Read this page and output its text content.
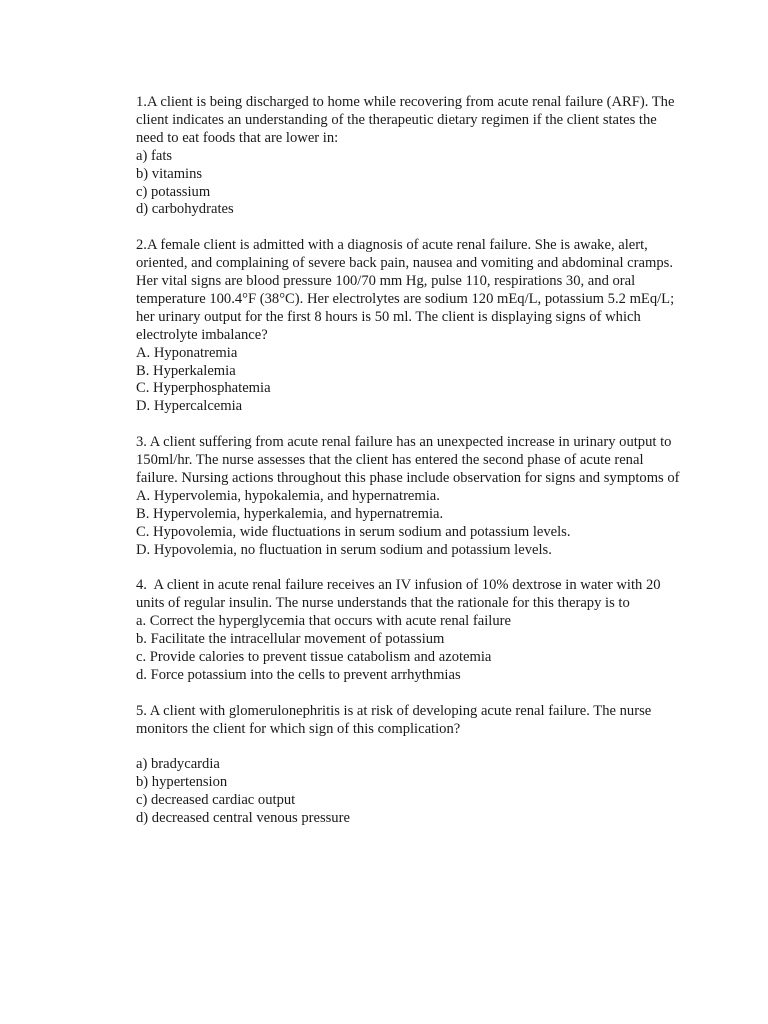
1.A client is being discharged to home while recovering from acute renal failure (ARF). The client indicates an understanding of the therapeutic dietary regimen if the client states the need to eat foods that are lower in:

a) fats
b) vitamins
c) potassium
d) carbohydrates

2.A female client is admitted with a diagnosis of acute renal failure. She is awake, alert, oriented, and complaining of severe back pain, nausea and vomiting and abdominal cramps. Her vital signs are blood pressure 100/70 mm Hg, pulse 110, respirations 30, and oral temperature 100.4°F (38°C). Her electrolytes are sodium 120 mEq/L, potassium 5.2 mEq/L; her urinary output for the first 8 hours is 50 ml. The client is displaying signs of which electrolyte imbalance?

A. Hyponatremia
B. Hyperkalemia
C. Hyperphosphatemia
D. Hypercalcemia

3. A client suffering from acute renal failure has an unexpected increase in urinary output to 150ml/hr. The nurse assesses that the client has entered the second phase of acute renal failure. Nursing actions throughout this phase include observation for signs and symptoms of

A. Hypervolemia, hypokalemia, and hypernatremia.
B. Hypervolemia, hyperkalemia, and hypernatremia.
C. Hypovolemia, wide fluctuations in serum sodium and potassium levels.
D. Hypovolemia, no fluctuation in serum sodium and potassium levels.

4.  A client in acute renal failure receives an IV infusion of 10% dextrose in water with 20 units of regular insulin. The nurse understands that the rationale for this therapy is to

a. Correct the hyperglycemia that occurs with acute renal failure
b. Facilitate the intracellular movement of potassium
c. Provide calories to prevent tissue catabolism and azotemia
d. Force potassium into the cells to prevent arrhythmias

5. A client with glomerulonephritis is at risk of developing acute renal failure. The nurse monitors the client for which sign of this complication?

a) bradycardia
b) hypertension
c) decreased cardiac output
d) decreased central venous pressure
